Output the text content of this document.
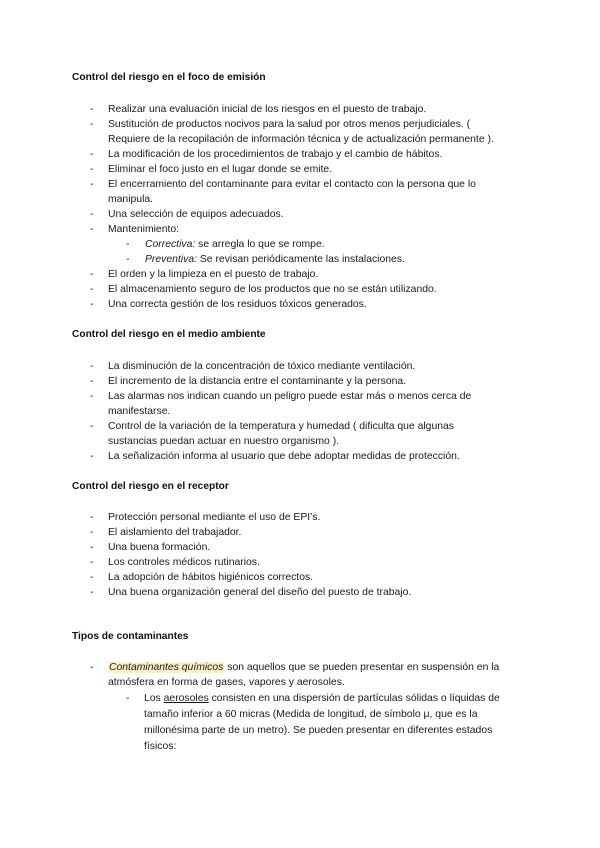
Control del riesgo en el foco de emisión
-	Realizar una evaluación inicial de los riesgos en el puesto de trabajo.
-	Sustitución de productos nocivos para la salud por otros menos perjudiciales. (
Requiere de la recopilación de información técnica y de actualización permanente ).
-	La modificación de los procedimientos de trabajo y el cambio de hábitos.
-	Eliminar el foco justo en el lugar donde se emite.
-	El encerramiento del contaminante para evitar el contacto con la persona que lo
manipula.
-	Una selección de equipos adecuados.
-	Mantenimiento:
-	Correctiva: se arregla lo que se rompe.
-	Preventiva: Se revisan periódicamente las instalaciones.
-	El orden y la limpieza en el puesto de trabajo.
-	El almacenamiento seguro de los productos que no se están utilizando.
-	Una correcta gestión de los residuos tóxicos generados.
Control del riesgo en el medio ambiente
-	La disminución de la concentración de tóxico mediante ventilación.
-	El incremento de la distancia entre el contaminante y la persona.
-	Las alarmas nos indican cuando un peligro puede estar más o menos cerca de
manifestarse.
-	Control de la variación de la temperatura y humedad ( dificulta que algunas
sustancias puedan actuar en nuestro organismo ).
-	La señalización informa al usuario que debe adoptar medidas de protección.
Control del riesgo en el receptor
-	Protección personal mediante el uso de EPI’s.
-	El aislamiento del trabajador.
-	Una buena formación.
-	Los controles médicos rutinarios.
-	La adopción de hábitos higiénicos correctos.
-	Una buena organización general del diseño del puesto de trabajo.
Tipos de contaminantes
-	Contaminantes químicos son aquellos que se pueden presentar en suspensión en la
atmósfera en forma de gases, vapores y aerosoles.
-	Los aerosoles consisten en una dispersión de partículas sólidas o líquidas de
tamaño inferior a 60 micras (Medida de longitud, de símbolo μ, que es la
millonésima parte de un metro). Se pueden presentar en diferentes estados
físicos:
